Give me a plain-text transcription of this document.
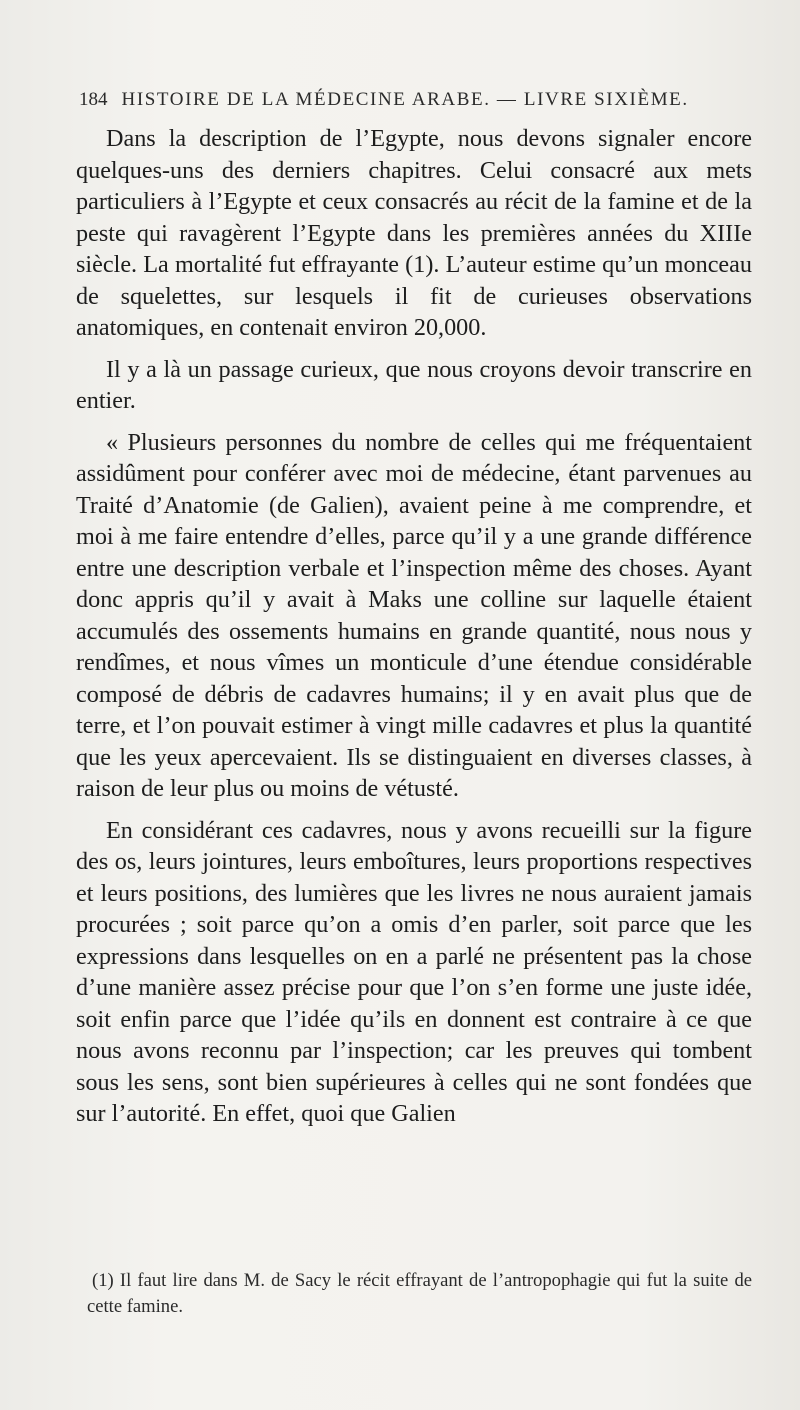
184 HISTOIRE DE LA MÉDECINE ARABE. — LIVRE SIXIÈME.

Dans la description de l’Egypte, nous devons signaler encore quelques-uns des derniers chapitres. Celui consacré aux mets particuliers à l’Egypte et ceux consacrés au récit de la famine et de la peste qui ravagèrent l’Egypte dans les premières années du XIIIe siècle. La mortalité fut effrayante (1). L’auteur estime qu’un monceau de squelettes, sur lesquels il fit de curieuses observations anatomiques, en contenait environ 20,000.

Il y a là un passage curieux, que nous croyons devoir transcrire en entier.

« Plusieurs personnes du nombre de celles qui me fréquentaient assidûment pour conférer avec moi de médecine, étant parvenues au Traité d’Anatomie (de Galien), avaient peine à me comprendre, et moi à me faire entendre d’elles, parce qu’il y a une grande différence entre une description verbale et l’inspection même des choses. Ayant donc appris qu’il y avait à Maks une colline sur laquelle étaient accumulés des ossements humains en grande quantité, nous nous y rendîmes, et nous vîmes un monticule d’une étendue considérable composé de débris de cadavres humains; il y en avait plus que de terre, et l’on pouvait estimer à vingt mille cadavres et plus la quantité que les yeux apercevaient. Ils se distinguaient en diverses classes, à raison de leur plus ou moins de vétusté.

En considérant ces cadavres, nous y avons recueilli sur la figure des os, leurs jointures, leurs emboîtures, leurs proportions respectives et leurs positions, des lumières que les livres ne nous auraient jamais procurées ; soit parce qu’on a omis d’en parler, soit parce que les expressions dans lesquelles on en a parlé ne présentent pas la chose d’une manière assez précise pour que l’on s’en forme une juste idée, soit enfin parce que l’idée qu’ils en donnent est contraire à ce que nous avons reconnu par l’inspection; car les preuves qui tombent sous les sens, sont bien supérieures à celles qui ne sont fondées que sur l’autorité. En effet, quoi que Galien

(1) Il faut lire dans M. de Sacy le récit effrayant de l’antropophagie qui fut la suite de cette famine.
